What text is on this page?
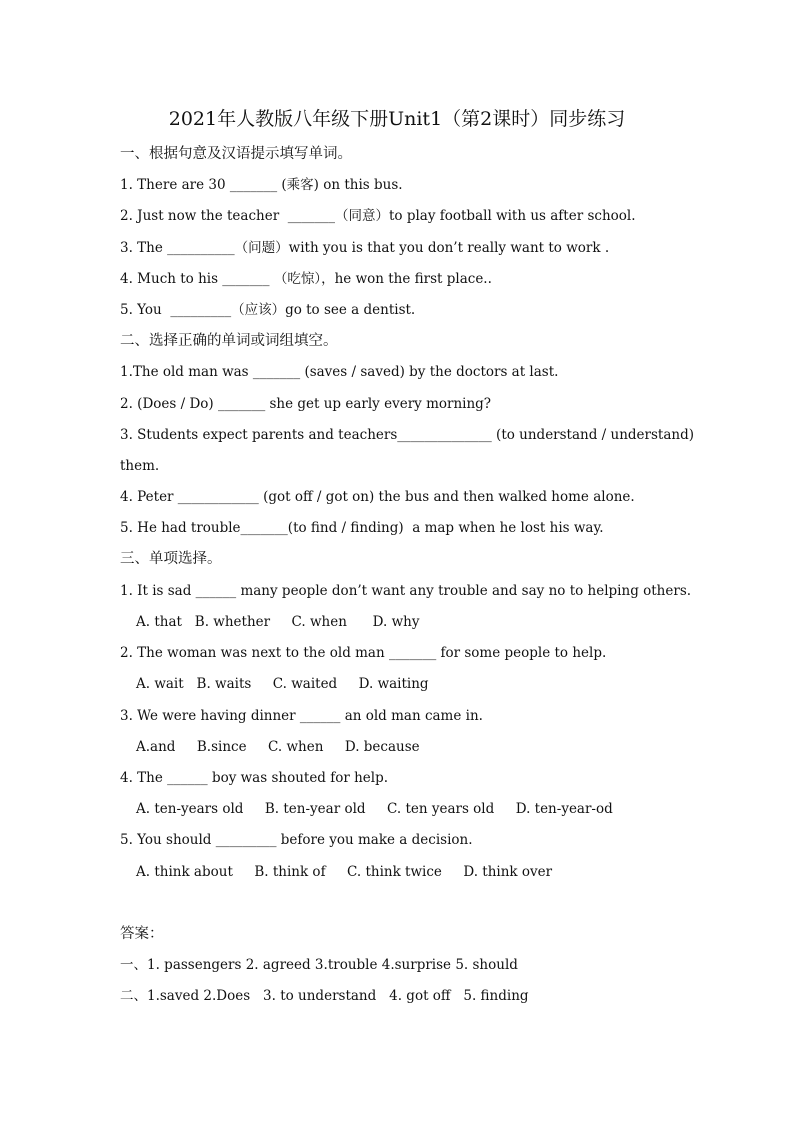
2021年人教版八年级下册Unit1（第2课时）同步练习
一、根据句意及汉语提示填写单词。
1. There are 30 _______ (乘客) on this bus.
2. Just now the teacher  _______（同意）to play football with us after school.
3. The __________（问题）with you is that you don’t really want to work .
4. Much to his _______ （吃惊），he won the first place..
5. You  _________（应该）go to see a dentist.
二、选择正确的单词或词组填空。
1.The old man was _______ (saves / saved) by the doctors at last.
2. (Does / Do) _______ she get up early every morning?
3. Students expect parents and teachers______________ (to understand / understand)
them.
4. Peter ____________ (got off / got on) the bus and then walked home alone.
5. He had trouble_______(to find / finding)  a map when he lost his way.
三、单项选择。
1. It is sad ______ many people don’t want any trouble and say no to helping others.
A. that   B. whether     C. when      D. why
2. The woman was next to the old man _______ for some people to help.
A. wait   B. waits     C. waited     D. waiting
3. We were having dinner ______ an old man came in.
A.and     B.since     C. when     D. because
4. The ______ boy was shouted for help.
A. ten-years old     B. ten-year old     C. ten years old     D. ten-year-od
5. You should _________ before you make a decision.
A. think about     B. think of     C. think twice     D. think over
答案：
一、1. passengers 2. agreed 3.trouble 4.surprise 5. should
二、1.saved 2.Does   3. to understand   4. got off   5. finding
